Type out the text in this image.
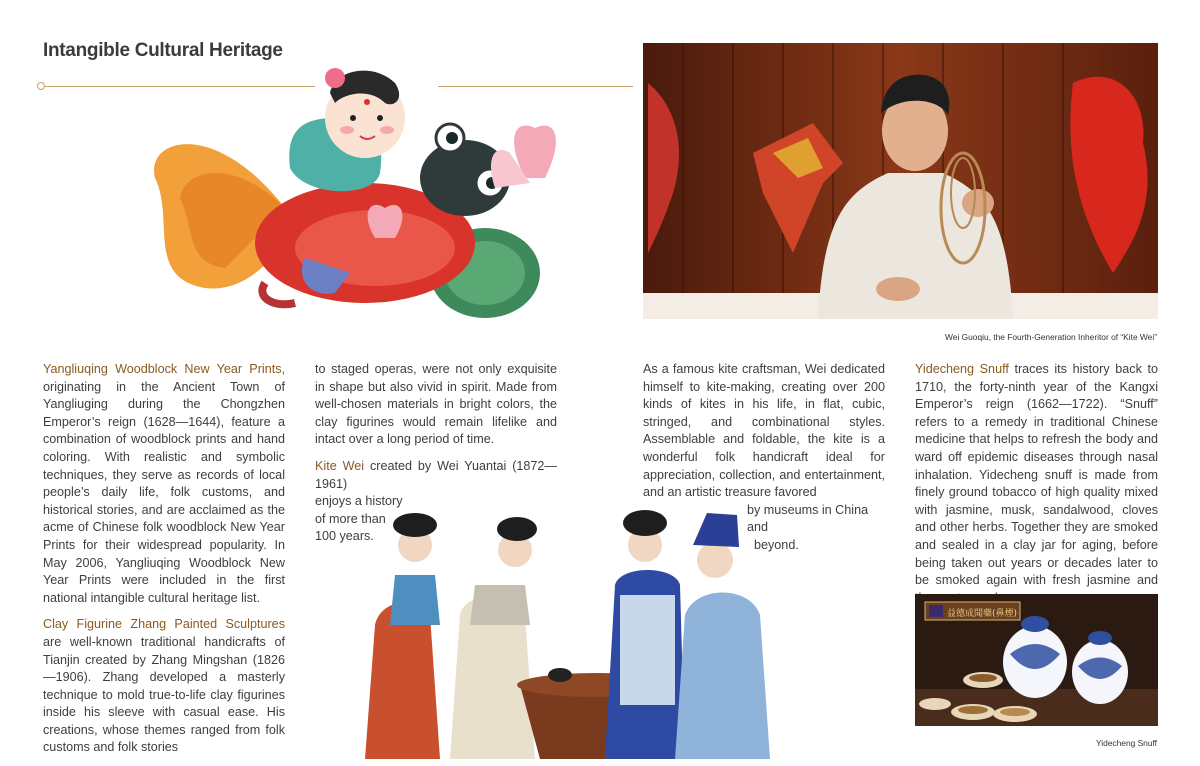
Intangible Cultural Heritage
Wei Guoqiu, the Fourth-Generation Inheritor of “Kite Wei”

Yangliuqing Woodblock New Year Prints, originating in the Ancient Town of Yangliuging during the Chongzhen Emperor’s reign (1628—1644), feature a combination of woodblock prints and hand coloring. With realistic and symbolic techniques, they serve as records of local people’s daily life, folk customs, and historical stories, and are acclaimed as the acme of Chinese folk woodblock New Year Prints for their widespread popularity. In May 2006, Yangliuqing Woodblock New Year Prints were included in the first national intangible cultural heritage list.

Clay Figurine Zhang Painted Sculptures are well-known traditional handicrafts of Tianjin created by Zhang Mingshan (1826—1906). Zhang developed a masterly technique to mold true-to-life clay figurines inside his sleeve with casual ease. His creations, whose themes ranged from folk customs and folk stories

to staged operas, were not only exquisite in shape but also vivid in spirit. Made from well-chosen materials in bright colors, the clay figurines would remain lifelike and intact over a long period of time.

Kite Wei created by Wei Yuantai (1872—1961)
enjoys a history
of more than
100 years.

As a famous kite craftsman, Wei dedicated himself to kite-making, creating over 200 kinds of kites in his life, in flat, cubic, stringed, and combinational styles. Assemblable and foldable, the kite is a wonderful folk handicraft ideal for appreciation, collection, and entertainment, and an artistic treasure favored

by museums in China and
beyond.

Yidecheng Snuff traces its history back to 1710, the forty-ninth year of the Kangxi Emperor’s reign (1662—1722). “Snuff” refers to a remedy in traditional Chinese medicine that helps to refresh the body and ward off epidemic diseases through nasal inhalation. Yidecheng snuff is made from finely ground tobacco of high quality mixed with jasmine, musk, sandalwood, cloves and other herbs. Together they are smoked and sealed in a clay jar for aging, before being taken out years or decades later to be smoked again with fresh jasmine and

益德成聞藥(鼻煙)
Yidecheng Snuff
